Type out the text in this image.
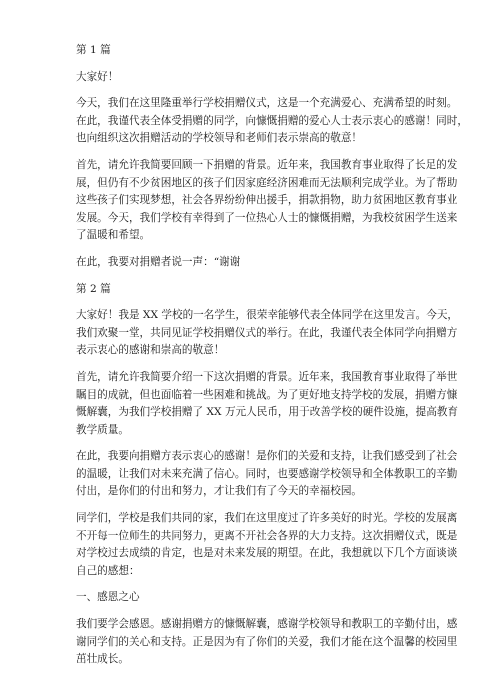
第 1 篇
大家好！
今天，我们在这里隆重举行学校捐赠仪式，这是一个充满爱心、充满希望的时刻。
在此，我谨代表全体受捐赠的同学，向慷慨捐赠的爱心人士表示衷心的感谢！同时，
也向组织这次捐赠活动的学校领导和老师们表示崇高的敬意！
首先，请允许我简要回顾一下捐赠的背景。近年来，我国教育事业取得了长足的发
展，但仍有不少贫困地区的孩子们因家庭经济困难而无法顺利完成学业。为了帮助
这些孩子们实现梦想，社会各界纷纷伸出援手，捐款捐物，助力贫困地区教育事业
发展。今天，我们学校有幸得到了一位热心人士的慷慨捐赠，为我校贫困学生送来
了温暖和希望。
在此，我要对捐赠者说一声：“谢谢
第 2 篇
大家好！我是 XX 学校的一名学生，很荣幸能够代表全体同学在这里发言。今天，
我们欢聚一堂，共同见证学校捐赠仪式的举行。在此，我谨代表全体同学向捐赠方
表示衷心的感谢和崇高的敬意！
首先，请允许我简要介绍一下这次捐赠的背景。近年来，我国教育事业取得了举世
瞩目的成就，但也面临着一些困难和挑战。为了更好地支持学校的发展，捐赠方慷
慨解囊，为我们学校捐赠了 XX 万元人民币，用于改善学校的硬件设施，提高教育
教学质量。
在此，我要向捐赠方表示衷心的感谢！是你们的关爱和支持，让我们感受到了社会
的温暖，让我们对未来充满了信心。同时，也要感谢学校领导和全体教职工的辛勤
付出，是你们的付出和努力，才让我们有了今天的幸福校园。
同学们，学校是我们共同的家，我们在这里度过了许多美好的时光。学校的发展离
不开每一位师生的共同努力，更离不开社会各界的大力支持。这次捐赠仪式，既是
对学校过去成绩的肯定，也是对未来发展的期望。在此，我想就以下几个方面谈谈
自己的感想：
一、感恩之心
我们要学会感恩。感谢捐赠方的慷慨解囊，感谢学校领导和教职工的辛勤付出，感
谢同学们的关心和支持。正是因为有了你们的关爱，我们才能在这个温馨的校园里
茁壮成长。
